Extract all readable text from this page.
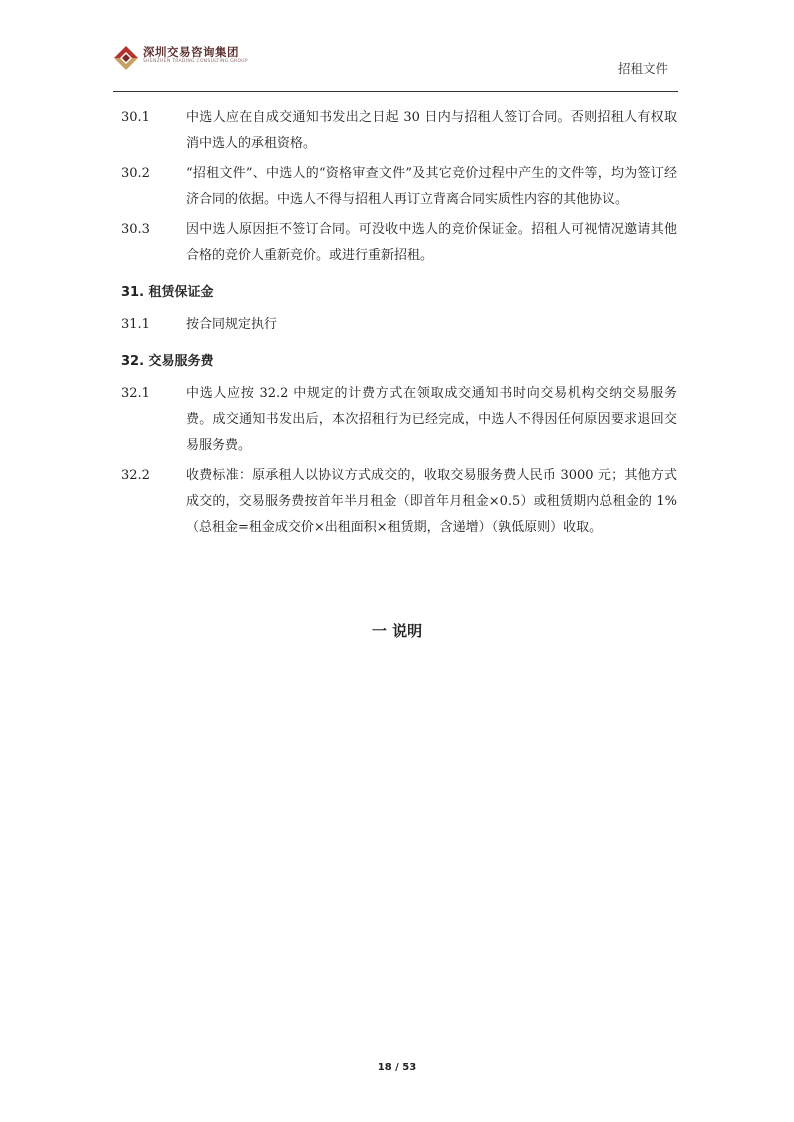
深圳交易咨询集团
SHENZHEN TRADING CONSULTING GROUP	招租文件
30.1	中选人应在自成交通知书发出之日起 30 日内与招租人签订合同。否则招租人有权取消中选人的承租资格。
30.2	“招租文件”、中选人的“资格审查文件”及其它竞价过程中产生的文件等，均为签订经济合同的依据。中选人不得与招租人再订立背离合同实质性内容的其他协议。
30.3	因中选人原因拒不签订合同。可没收中选人的竞价保证金。招租人可视情况邀请其他合格的竞价人重新竞价。或进行重新招租。
31. 租赁保证金
31.1	按合同规定执行
32. 交易服务费
32.1	中选人应按 32.2 中规定的计费方式在领取成交通知书时向交易机构交纳交易服务费。成交通知书发出后，本次招租行为已经完成，中选人不得因任何原因要求退回交易服务费。
32.2	收费标准：原承租人以协议方式成交的，收取交易服务费人民币 3000 元；其他方式成交的，交易服务费按首年半月租金（即首年月租金×0.5）或租赁期内总租金的 1%（总租金=租金成交价×出租面积×租赁期，含递增）（孰低原则）收取。
一 说明
18 / 53
